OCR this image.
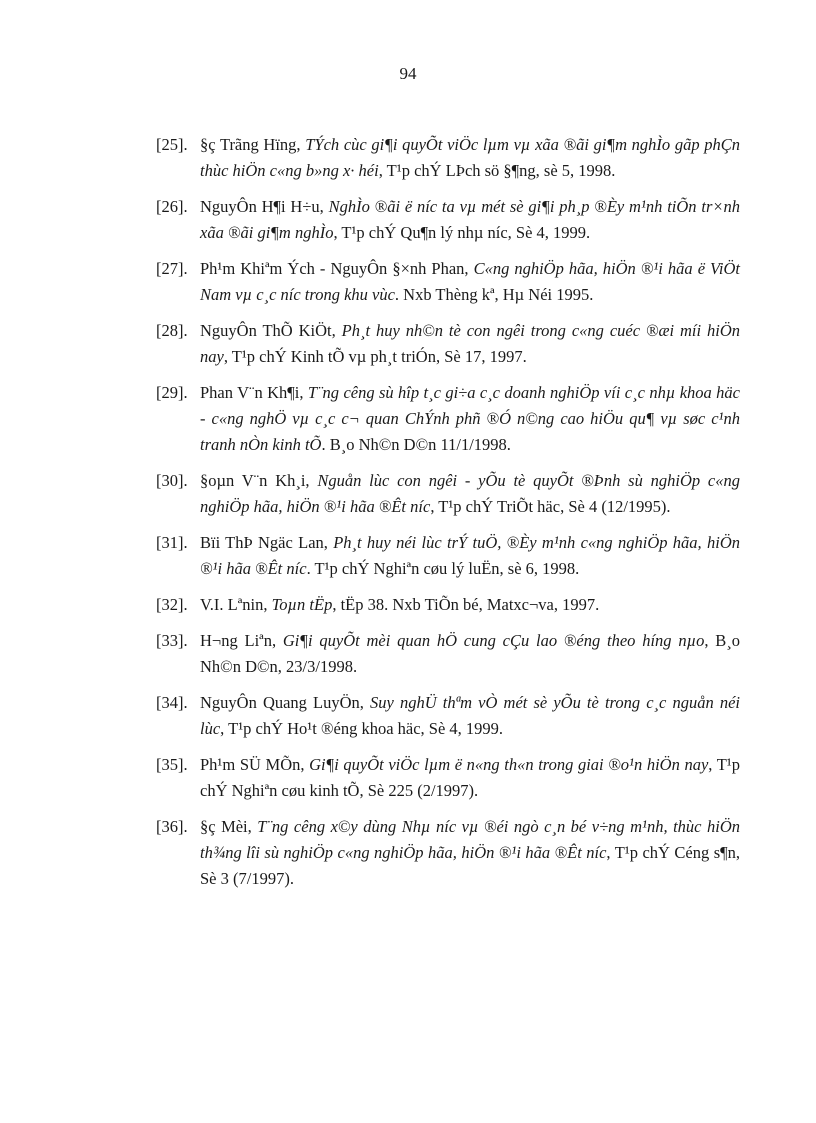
94
[25]. §ç Trãng Hïng, TÝch cùc gi¶i quyÕt viÖc lµm vµ xãa ®ãi gi¶m nghÌo gãp phÇn thùc hiÖn c«ng b»ng x· héi, T¹p chÝ LÞch sö §¶ng, sè 5, 1998.
[26]. NguyÔn H¶i H÷u, NghÌo ®ãi ë níc ta vµ mét sè gi¶i ph¸p ®Èy m¹nh tiÕn tr×nh xãa ®ãi gi¶m nghÌo, T¹p chÝ Qu¶n lý nhµ níc, Sè 4, 1999.
[27]. Ph¹m Khiªm Ých - NguyÔn §×nh Phan, C«ng nghiÖp hãa, hiÖn ®¹i hãa ë ViÖt Nam vµ c¸c níc trong khu vùc. Nxb Thèng kª, Hµ Néi 1995.
[28]. NguyÔn ThÕ KiÖt, Ph¸t huy nh©n tè con ngêi trong c«ng cuéc ®æi míi hiÖn nay, T¹p chÝ Kinh tÕ vµ ph¸t triÓn, Sè 17, 1997.
[29]. Phan V¨n Kh¶i, T¨ng cêng sù hîp t¸c gi÷a c¸c doanh nghiÖp víi c¸c nhµ khoa häc - c«ng nghÖ vµ c¸c c¬ quan ChÝnh phñ ®Ó n©ng cao hiÖu qu¶ vµ søc c¹nh tranh nÒn kinh tÕ. B¸o Nh©n D©n 11/1/1998.
[30]. §oµn V¨n Kh¸i, Nguån lùc con ngêi - yÕu tè quyÕt ®Þnh sù nghiÖp c«ng nghiÖp hãa, hiÖn ®¹i hãa ®Êt níc, T¹p chÝ TriÕt häc, Sè 4 (12/1995).
[31]. Bïi ThÞ Ngäc Lan, Ph¸t huy néi lùc trÝ tuÖ, ®Èy m¹nh c«ng nghiÖp hãa, hiÖn ®¹i hãa ®Êt níc. T¹p chÝ Nghiªn cøu lý luËn, sè 6, 1998.
[32]. V.I. Lªnin, Toµn tËp, tËp 38. Nxb TiÕn bé, Matxc¬va, 1997.
[33]. H¬ng Liªn, Gi¶i quyÕt mèi quan hÖ cung cÇu lao ®éng theo híng nµo, B¸o Nh©n D©n, 23/3/1998.
[34]. NguyÔn Quang LuyÖn, Suy nghÜ thªm vÒ mét sè yÕu tè trong c¸c nguån néi lùc, T¹p chÝ Ho¹t ®éng khoa häc, Sè 4, 1999.
[35]. Ph¹m SÜ MÕn, Gi¶i quyÕt viÖc lµm ë n«ng th«n trong giai ®o¹n hiÖn nay, T¹p chÝ Nghiªn cøu kinh tÕ, Sè 225 (2/1997).
[36]. §ç Mèi, T¨ng cêng x©y dùng Nhµ níc vµ ®éi ngò c¸n bé v÷ng m¹nh, thùc hiÖn th¾ng lîi sù nghiÖp c«ng nghiÖp hãa, hiÖn ®¹i hãa ®Êt níc, T¹p chÝ Céng s¶n, Sè 3 (7/1997).
